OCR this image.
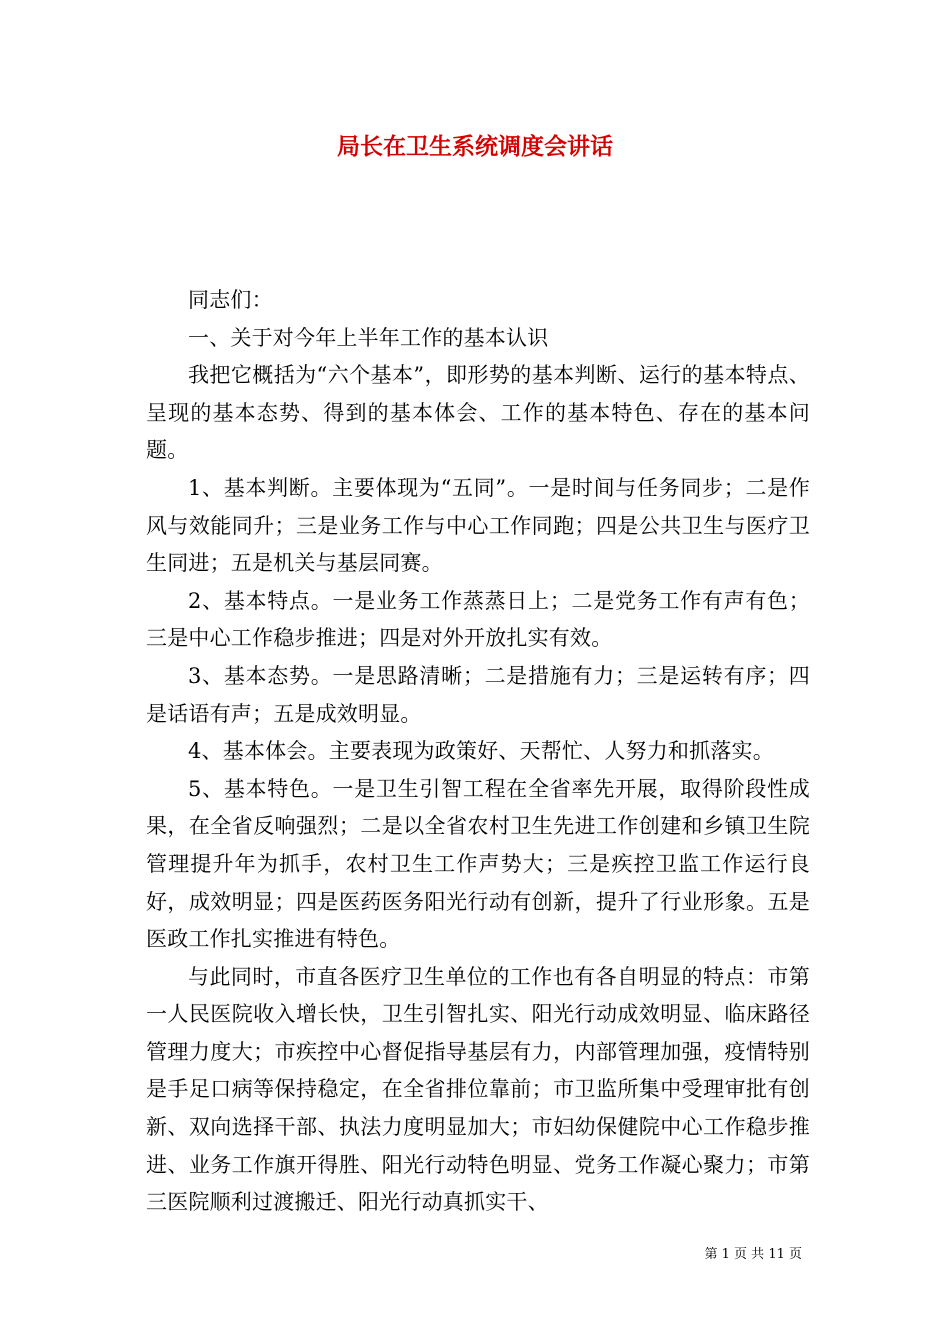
局长在卫生系统调度会讲话

同志们：

一、关于对今年上半年工作的基本认识

我把它概括为“六个基本”，即形势的基本判断、运行的基本特点、呈现的基本态势、得到的基本体会、工作的基本特色、存在的基本问题。

1、基本判断。主要体现为“五同”。一是时间与任务同步；二是作风与效能同升；三是业务工作与中心工作同跑；四是公共卫生与医疗卫生同进；五是机关与基层同赛。

2、基本特点。一是业务工作蒸蒸日上；二是党务工作有声有色；三是中心工作稳步推进；四是对外开放扎实有效。

3、基本态势。一是思路清晰；二是措施有力；三是运转有序；四是话语有声；五是成效明显。

4、基本体会。主要表现为政策好、天帮忙、人努力和抓落实。

5、基本特色。一是卫生引智工程在全省率先开展，取得阶段性成果，在全省反响强烈；二是以全省农村卫生先进工作创建和乡镇卫生院管理提升年为抓手，农村卫生工作声势大；三是疾控卫监工作运行良好，成效明显；四是医药医务阳光行动有创新，提升了行业形象。五是医政工作扎实推进有特色。

与此同时，市直各医疗卫生单位的工作也有各自明显的特点：市第一人民医院收入增长快，卫生引智扎实、阳光行动成效明显、临床路径管理力度大；市疾控中心督促指导基层有力，内部管理加强，疫情特别是手足口病等保持稳定，在全省排位靠前；市卫监所集中受理审批有创新、双向选择干部、执法力度明显加大；市妇幼保健院中心工作稳步推进、业务工作旗开得胜、阳光行动特色明显、党务工作凝心聚力；市第三医院顺利过渡搬迁、阳光行动真抓实干、

第 1 页 共 11 页
